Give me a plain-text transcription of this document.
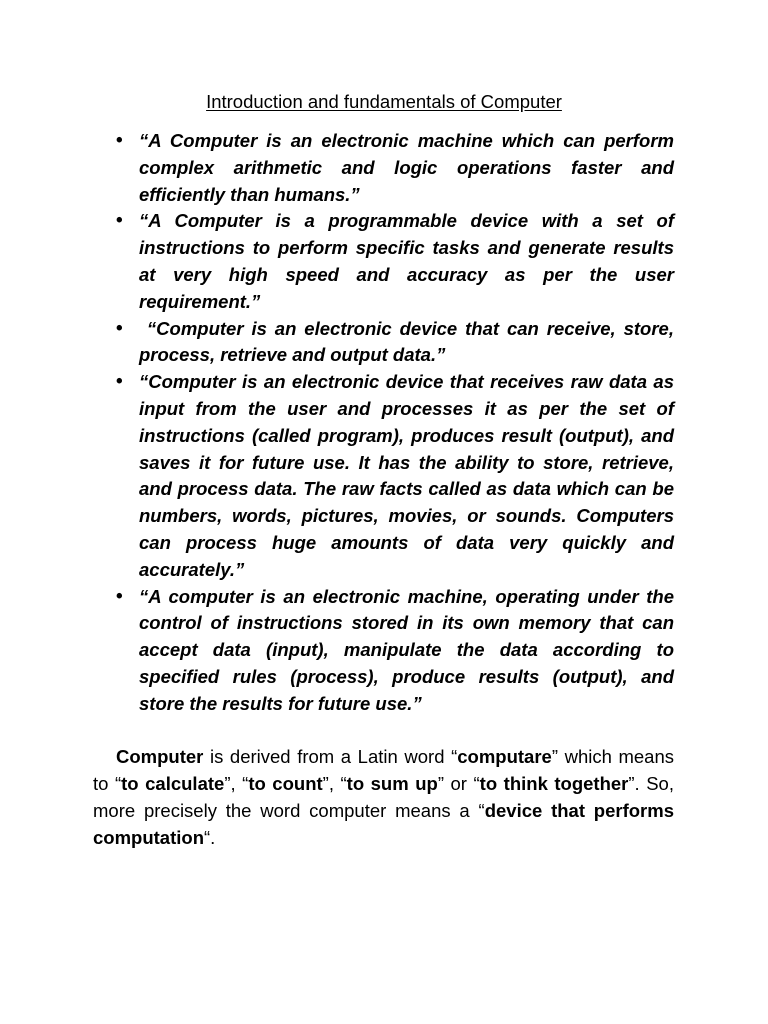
Introduction and fundamentals of Computer
• “A Computer is an electronic machine which can perform complex arithmetic and logic operations faster and efficiently than humans.”
• “A Computer is a programmable device with a set of instructions to perform specific tasks and generate results at very high speed and accuracy as per the user requirement.”
• “Computer is an electronic device that can receive, store, process, retrieve and output data.”
• “Computer is an electronic device that receives raw data as input from the user and processes it as per the set of instructions (called program), produces result (output), and saves it for future use. It has the ability to store, retrieve, and process data. The raw facts called as data which can be numbers, words, pictures, movies, or sounds. Computers can process huge amounts of data very quickly and accurately.”
• “A computer is an electronic machine, operating under the control of instructions stored in its own memory that can accept data (input), manipulate the data according to specified rules (process), produce results (output), and store the results for future use.”

Computer is derived from a Latin word “computare” which means to “to calculate”, “to count”, “to sum up” or “to think together”. So, more precisely the word computer means a “device that performs computation“.
